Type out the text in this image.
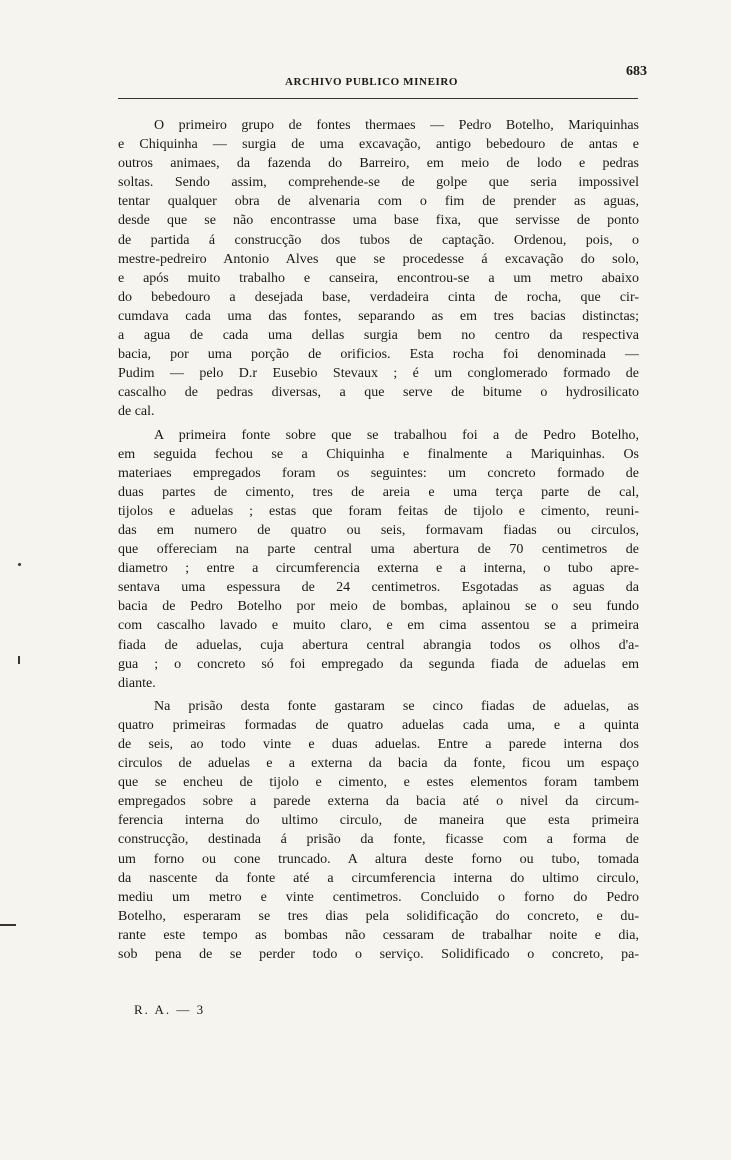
683
ARCHIVO PUBLICO MINEIRO

O primeiro grupo de fontes thermaes — Pedro Botelho, Mariquinhas
e Chiquinha — surgia de uma excavação, antigo bebedouro de antas e
outros animaes, da fazenda do Barreiro, em meio de lodo e pedras
soltas. Sendo assim, comprehende-se de golpe que seria impossivel
tentar qualquer obra de alvenaria com o fim de prender as aguas,
desde que se não encontrasse uma base fixa, que servisse de ponto
de partida á construcção dos tubos de captação. Ordenou, pois, o
mestre-pedreiro Antonio Alves que se procedesse á excavação do solo,
e após muito trabalho e canseira, encontrou-se a um metro abaixo
do bebedouro a desejada base, verdadeira cinta de rocha, que cir-
cumdava cada uma das fontes, separando as em tres bacias distinctas;
a agua de cada uma dellas surgia bem no centro da respectiva
bacia, por uma porção de orificios. Esta rocha foi denominada —
Pudim — pelo D.r Eusebio Stevaux ; é um conglomerado formado de
cascalho de pedras diversas, a que serve de bitume o hydrosilicato
de cal.

A primeira fonte sobre que se trabalhou foi a de Pedro Botelho,
em seguida fechou se a Chiquinha e finalmente a Mariquinhas. Os
materiaes empregados foram os seguintes: um concreto formado de
duas partes de cimento, tres de areia e uma terça parte de cal,
tijolos e aduelas ; estas que foram feitas de tijolo e cimento, reuni-
das em numero de quatro ou seis, formavam fiadas ou circulos,
que offereciam na parte central uma abertura de 70 centimetros de
diametro ; entre a circumferencia externa e a interna, o tubo apre-
sentava uma espessura de 24 centimetros. Esgotadas as aguas da
bacia de Pedro Botelho por meio de bombas, aplainou se o seu fundo
com cascalho lavado e muito claro, e em cima assentou se a primeira
fiada de aduelas, cuja abertura central abrangia todos os olhos d'a-
gua ; o concreto só foi empregado da segunda fiada de aduelas em
diante.

Na prisão desta fonte gastaram se cinco fiadas de aduelas, as
quatro primeiras formadas de quatro aduelas cada uma, e a quinta
de seis, ao todo vinte e duas aduelas. Entre a parede interna dos
circulos de aduelas e a externa da bacia da fonte, ficou um espaço
que se encheu de tijolo e cimento, e estes elementos foram tambem
empregados sobre a parede externa da bacia até o nivel da circum-
ferencia interna do ultimo circulo, de maneira que esta primeira
construcção, destinada á prisão da fonte, ficasse com a forma de
um forno ou cone truncado. A altura deste forno ou tubo, tomada
da nascente da fonte até a circumferencia interna do ultimo circulo,
mediu um metro e vinte centimetros. Concluido o forno do Pedro
Botelho, esperaram se tres dias pela solidificação do concreto, e du-
rante este tempo as bombas não cessaram de trabalhar noite e dia,
sob pena de se perder todo o serviço. Solidificado o concreto, pa-

R. A. — 3
